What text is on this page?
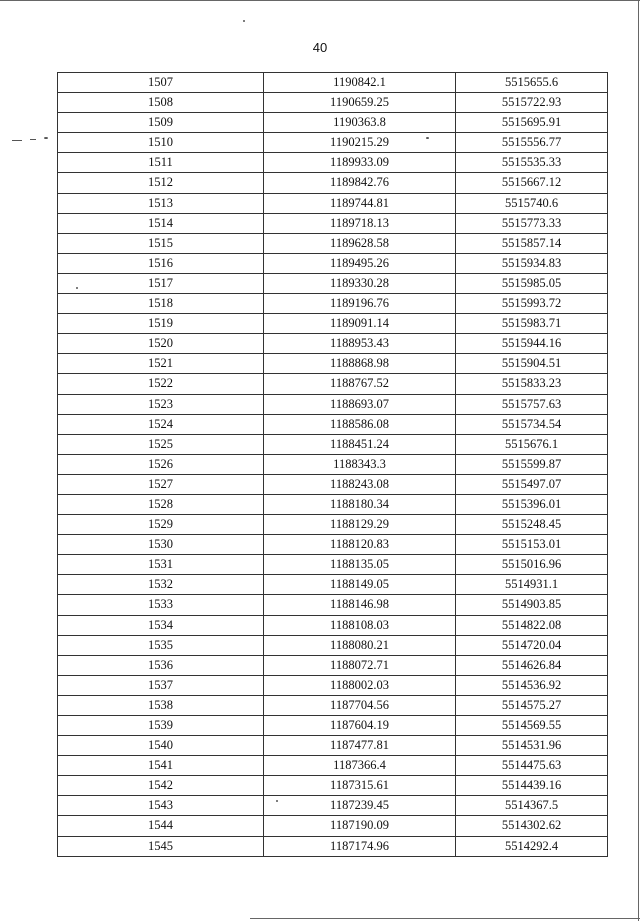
40
1507	1190842.1	5515655.6
1508	1190659.25	5515722.93
1509	1190363.8	5515695.91
1510	1190215.29	5515556.77
1511	1189933.09	5515535.33
1512	1189842.76	5515667.12
1513	1189744.81	5515740.6
1514	1189718.13	5515773.33
1515	1189628.58	5515857.14
1516	1189495.26	5515934.83
1517	1189330.28	5515985.05
1518	1189196.76	5515993.72
1519	1189091.14	5515983.71
1520	1188953.43	5515944.16
1521	1188868.98	5515904.51
1522	1188767.52	5515833.23
1523	1188693.07	5515757.63
1524	1188586.08	5515734.54
1525	1188451.24	5515676.1
1526	1188343.3	5515599.87
1527	1188243.08	5515497.07
1528	1188180.34	5515396.01
1529	1188129.29	5515248.45
1530	1188120.83	5515153.01
1531	1188135.05	5515016.96
1532	1188149.05	5514931.1
1533	1188146.98	5514903.85
1534	1188108.03	5514822.08
1535	1188080.21	5514720.04
1536	1188072.71	5514626.84
1537	1188002.03	5514536.92
1538	1187704.56	5514575.27
1539	1187604.19	5514569.55
1540	1187477.81	5514531.96
1541	1187366.4	5514475.63
1542	1187315.61	5514439.16
1543	1187239.45	5514367.5
1544	1187190.09	5514302.62
1545	1187174.96	5514292.4
